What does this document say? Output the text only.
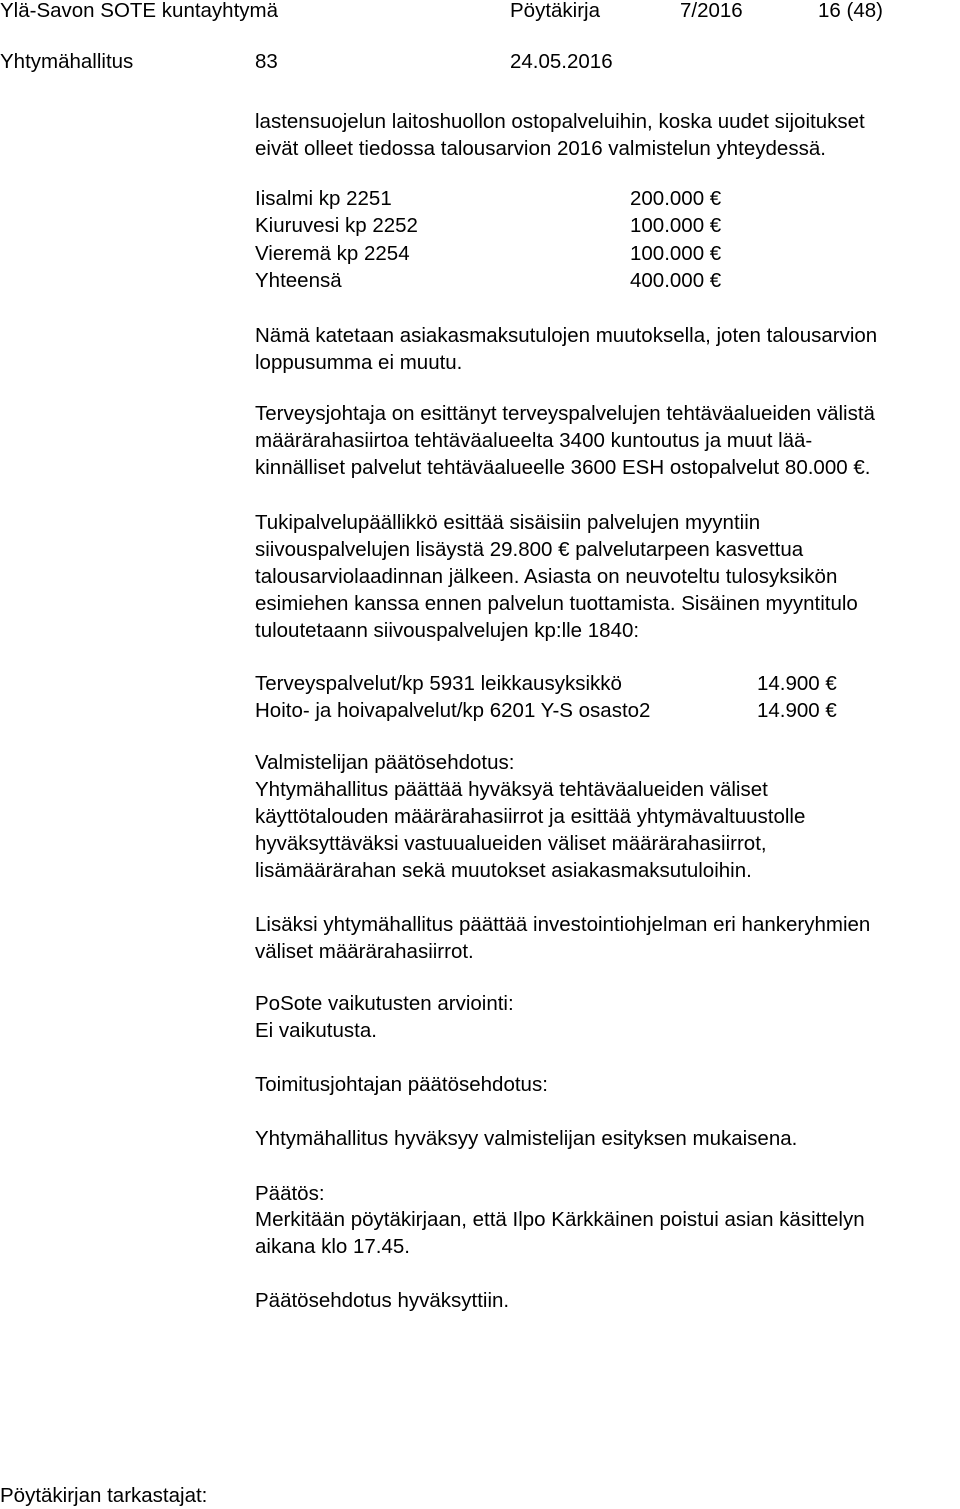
Ylä-Savon SOTE kuntayhtymä	Pöytäkirja	7/2016	16 (48)
Yhtymähallitus	83	24.05.2016
lastensuojelun laitoshuollon ostopalveluihin, koska uudet sijoitukset
eivät olleet tiedossa talousarvion 2016 valmistelun yhteydessä.
Iisalmi kp 2251	200.000 €
Kiuruvesi kp 2252	100.000 €
Vieremä kp 2254	100.000 €
Yhteensä	400.000 €
Nämä katetaan asiakasmaksutulojen muutoksella, joten talousarvion
loppusumma ei muutu.
Terveysjohtaja on esittänyt terveyspalvelujen tehtäväalueiden välistä
määrärahasiirtoa tehtäväalueelta 3400 kuntoutus ja muut lää-
kinnälliset palvelut tehtäväalueelle 3600 ESH ostopalvelut 80.000 €.
Tukipalvelupäällikkö esittää sisäisiin palvelujen myyntiin
siivouspalvelujen lisäystä 29.800 € palvelutarpeen kasvettua
talousarviolaadinnan jälkeen. Asiasta on neuvoteltu tulosyksikön
esimiehen kanssa ennen palvelun tuottamista. Sisäinen myyntitulo
tuloutetaann siivouspalvelujen kp:lle 1840:
Terveyspalvelut/kp 5931 leikkausyksikkö	14.900 €
Hoito- ja hoivapalvelut/kp 6201 Y-S osasto2	14.900 €
Valmistelijan päätösehdotus:
Yhtymähallitus päättää hyväksyä tehtäväalueiden väliset
käyttötalouden määrärahasiirrot ja esittää yhtymävaltuustolle
hyväksyttäväksi vastuualueiden väliset määrärahasiirrot,
lisämäärärahan sekä muutokset asiakasmaksutuloihin.
Lisäksi yhtymähallitus päättää investointiohjelman eri hankeryhmien
väliset määrärahasiirrot.
PoSote vaikutusten arviointi:
Ei vaikutusta.
Toimitusjohtajan päätösehdotus:
Yhtymähallitus hyväksyy valmistelijan esityksen mukaisena.
Päätös:
Merkitään pöytäkirjaan, että Ilpo Kärkkäinen poistui asian käsittelyn
aikana klo 17.45.
Päätösehdotus hyväksyttiin.
Pöytäkirjan tarkastajat:
